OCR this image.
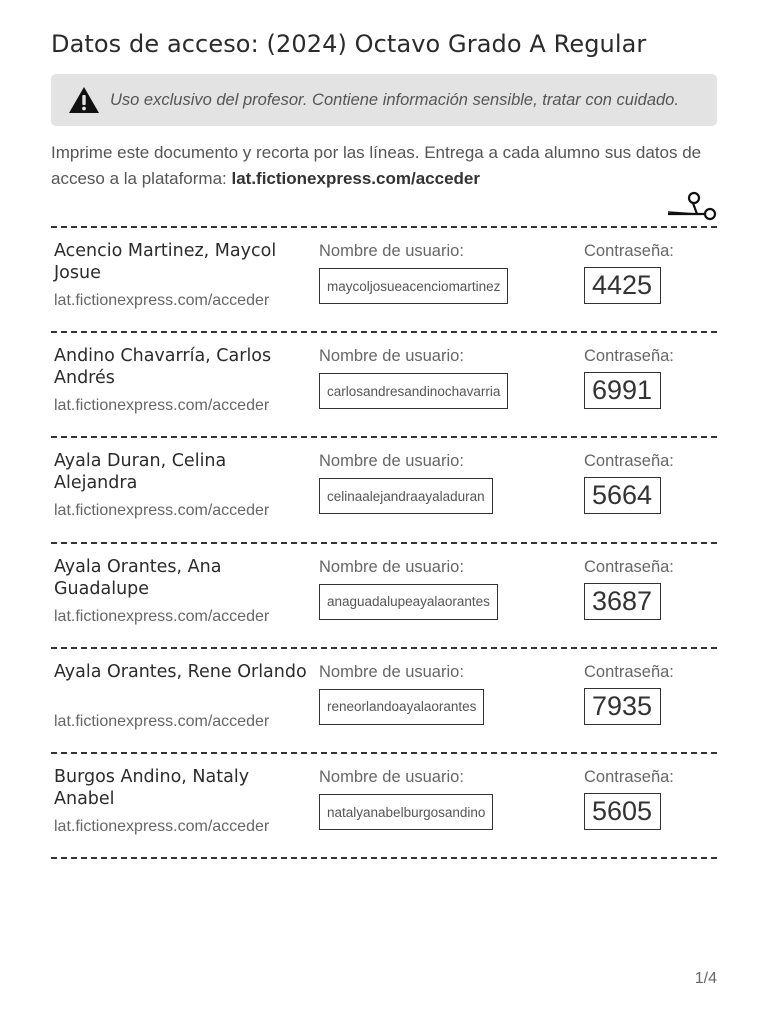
Datos de acceso: (2024) Octavo Grado A Regular
Uso exclusivo del profesor. Contiene información sensible, tratar con cuidado.
Imprime este documento y recorta por las líneas. Entrega a cada alumno sus datos de acceso a la plataforma: lat.fictionexpress.com/acceder
Acencio Martinez, Maycol Josue
lat.fictionexpress.com/acceder
Nombre de usuario:
maycoljosueacenciomartinez
Contraseña:
4425
Andino Chavarría, Carlos Andrés
lat.fictionexpress.com/acceder
Nombre de usuario:
carlosandresandinochavarria
Contraseña:
6991
Ayala Duran, Celina Alejandra
lat.fictionexpress.com/acceder
Nombre de usuario:
celinaalejandraayaladuran
Contraseña:
5664
Ayala Orantes, Ana Guadalupe
lat.fictionexpress.com/acceder
Nombre de usuario:
anaguadalupeayalaorantes
Contraseña:
3687
Ayala Orantes, Rene Orlando
lat.fictionexpress.com/acceder
Nombre de usuario:
reneorlandoayalaorantes
Contraseña:
7935
Burgos Andino, Nataly Anabel
lat.fictionexpress.com/acceder
Nombre de usuario:
natalyanabelburgosandino
Contraseña:
5605
1/4
